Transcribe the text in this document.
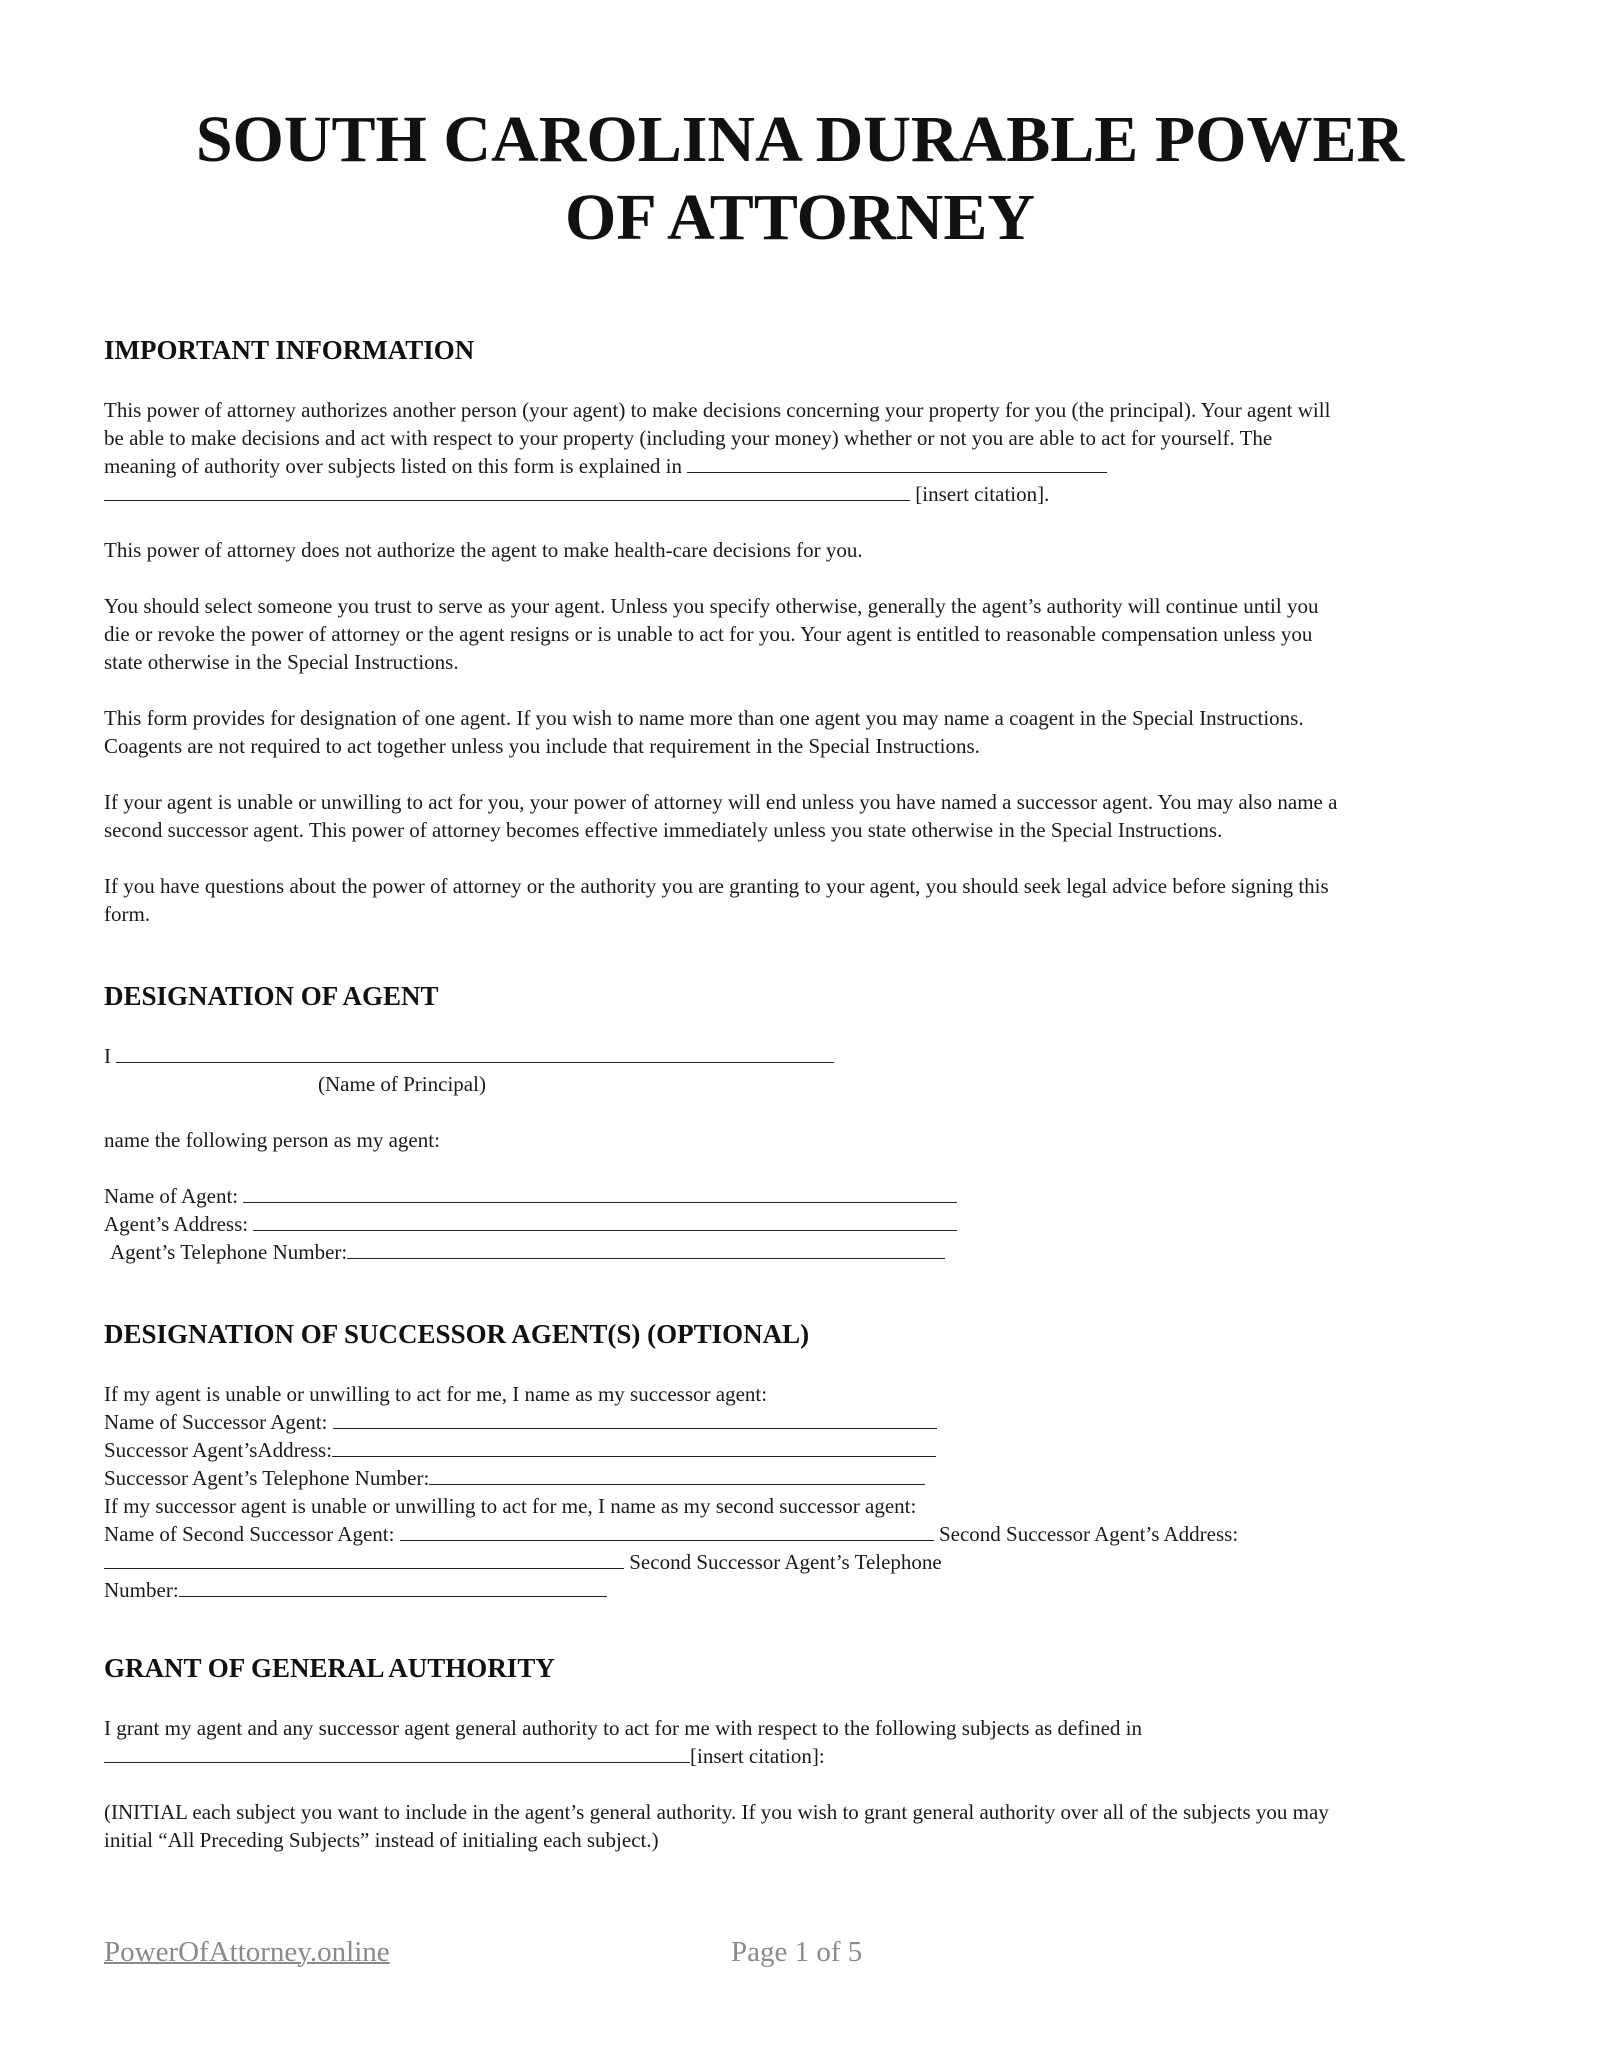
SOUTH CAROLINA DURABLE POWER
OF ATTORNEY
IMPORTANT INFORMATION
This power of attorney authorizes another person (your agent) to make decisions concerning your property for you (the principal). Your agent will
be able to make decisions and act with respect to your property (including your money) whether or not you are able to act for yourself. The
meaning of authority over subjects listed on this form is explained in
[insert citation].
This power of attorney does not authorize the agent to make health-care decisions for you.
You should select someone you trust to serve as your agent. Unless you specify otherwise, generally the agent’s authority will continue until you
die or revoke the power of attorney or the agent resigns or is unable to act for you. Your agent is entitled to reasonable compensation unless you
state otherwise in the Special Instructions.
This form provides for designation of one agent. If you wish to name more than one agent you may name a coagent in the Special Instructions.
Coagents are not required to act together unless you include that requirement in the Special Instructions.
If your agent is unable or unwilling to act for you, your power of attorney will end unless you have named a successor agent. You may also name a
second successor agent. This power of attorney becomes effective immediately unless you state otherwise in the Special Instructions.
If you have questions about the power of attorney or the authority you are granting to your agent, you should seek legal advice before signing this
form.
DESIGNATION OF AGENT
I
(Name of Principal)
name the following person as my agent:
Name of Agent:
Agent’s Address:
Agent’s Telephone Number:
DESIGNATION OF SUCCESSOR AGENT(S) (OPTIONAL)
If my agent is unable or unwilling to act for me, I name as my successor agent:
Name of Successor Agent:
Successor Agent’sAddress:
Successor Agent’s Telephone Number:
If my successor agent is unable or unwilling to act for me, I name as my second successor agent:
Name of Second Successor Agent:	Second Successor Agent’s Address:
Second Successor Agent’s Telephone
Number:
GRANT OF GENERAL AUTHORITY
I grant my agent and any successor agent general authority to act for me with respect to the following subjects as defined in
[insert citation]:
(INITIAL each subject you want to include in the agent’s general authority. If you wish to grant general authority over all of the subjects you may
initial “All Preceding Subjects” instead of initialing each subject.)
PowerOfAttorney.online	Page 1 of 5
